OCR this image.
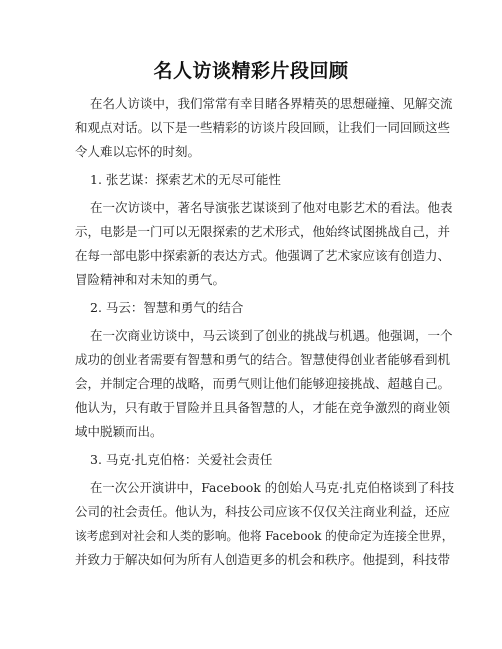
名人访谈精彩片段回顾
在名人访谈中，我们常常有幸目睹各界精英的思想碰撞、见解交流
和观点对话。以下是一些精彩的访谈片段回顾，让我们一同回顾这些
令人难以忘怀的时刻。
1. 张艺谋：探索艺术的无尽可能性
在一次访谈中，著名导演张艺谋谈到了他对电影艺术的看法。他表
示，电影是一门可以无限探索的艺术形式，他始终试图挑战自己，并
在每一部电影中探索新的表达方式。他强调了艺术家应该有创造力、
冒险精神和对未知的勇气。
2. 马云：智慧和勇气的结合
在一次商业访谈中，马云谈到了创业的挑战与机遇。他强调，一个
成功的创业者需要有智慧和勇气的结合。智慧使得创业者能够看到机
会，并制定合理的战略，而勇气则让他们能够迎接挑战、超越自己。
他认为，只有敢于冒险并且具备智慧的人，才能在竞争激烈的商业领
域中脱颖而出。
3. 马克·扎克伯格：关爱社会责任
在一次公开演讲中，Facebook 的创始人马克·扎克伯格谈到了科技
公司的社会责任。他认为，科技公司应该不仅仅关注商业利益，还应
该考虑到对社会和人类的影响。他将 Facebook 的使命定为连接全世界，
并致力于解决如何为所有人创造更多的机会和秩序。他提到，科技带
